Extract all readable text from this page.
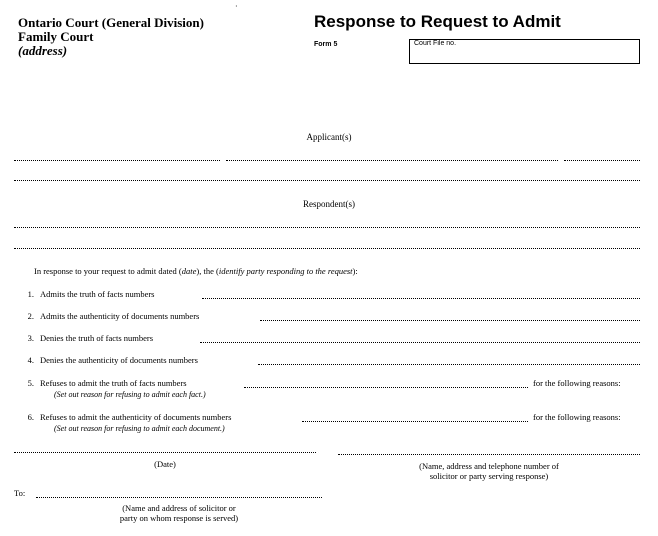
·
Ontario Court (General Division)
Family Court
(address)
Response to Request to Admit
Form 5	Court File no.
Applicant(s)
Respondent(s)
In response to your request to admit dated (date), the (identify party responding to the request):
1. Admits the truth of facts numbers
2. Admits the authenticity of documents numbers
3. Denies the truth of facts numbers
4. Denies the authenticity of documents numbers
5. Refuses to admit the truth of facts numbers	for the following reasons:
(Set out reason for refusing to admit each fact.)
6. Refuses to admit the authenticity of documents numbers	for the following reasons:
(Set out reason for refusing to admit each document.)
(Date)	(Name, address and telephone number of
solicitor or party serving response)
To:
(Name and address of solicitor or
party on whom response is served)
